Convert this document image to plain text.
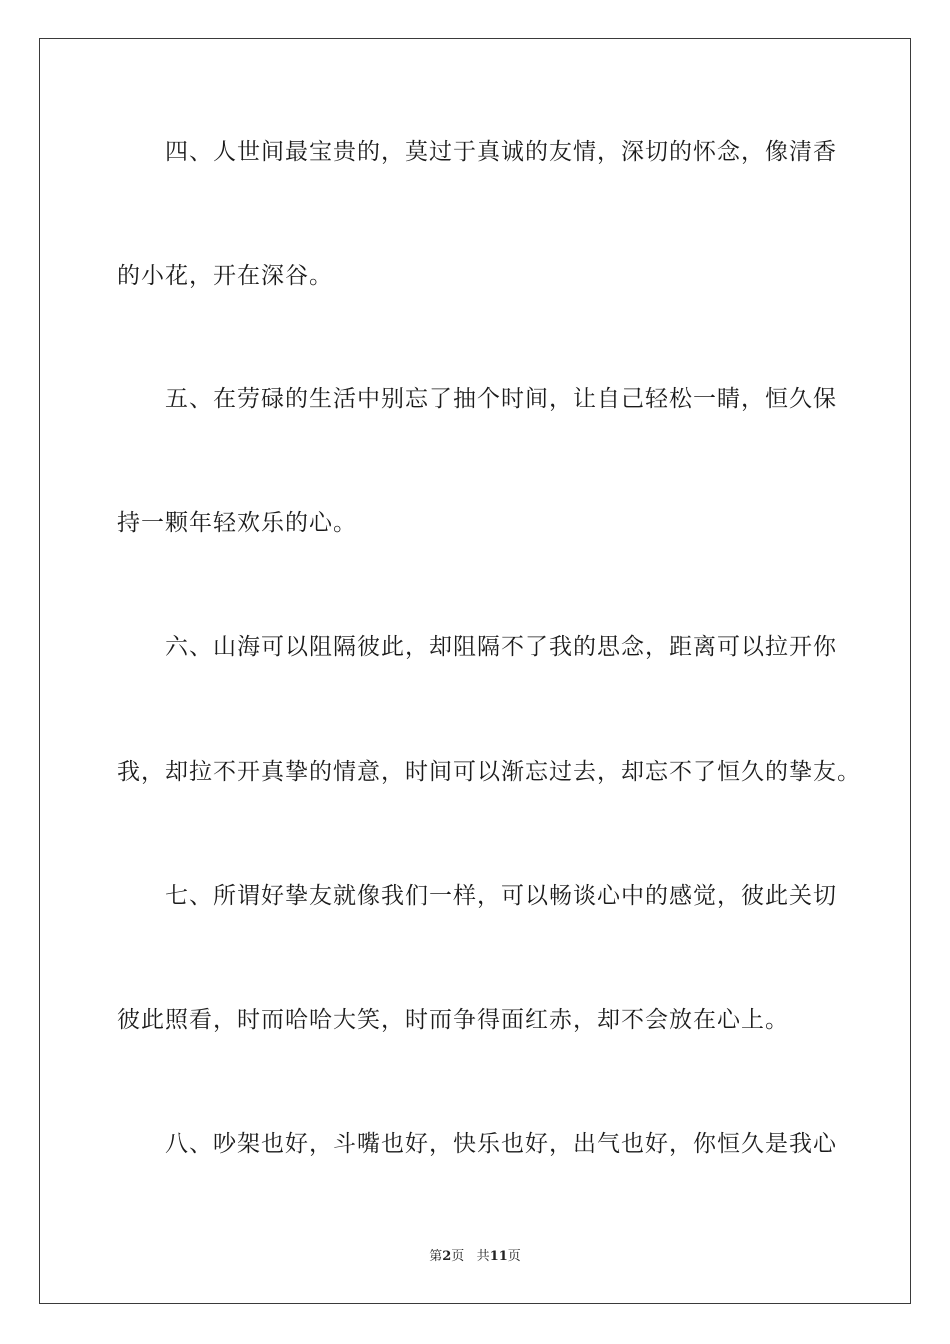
四、人世间最宝贵的，莫过于真诚的友情，深切的怀念，像清香
的小花，开在深谷。
五、在劳碌的生活中别忘了抽个时间，让自己轻松一睛，恒久保
持一颗年轻欢乐的心。
六、山海可以阻隔彼此，却阻隔不了我的思念，距离可以拉开你
我，却拉不开真挚的情意，时间可以渐忘过去，却忘不了恒久的挚友。
七、所谓好挚友就像我们一样，可以畅谈心中的感觉，彼此关切
彼此照看，时而哈哈大笑，时而争得面红赤，却不会放在心上。
八、吵架也好，斗嘴也好，快乐也好，出气也好，你恒久是我心
第2页 共11页
